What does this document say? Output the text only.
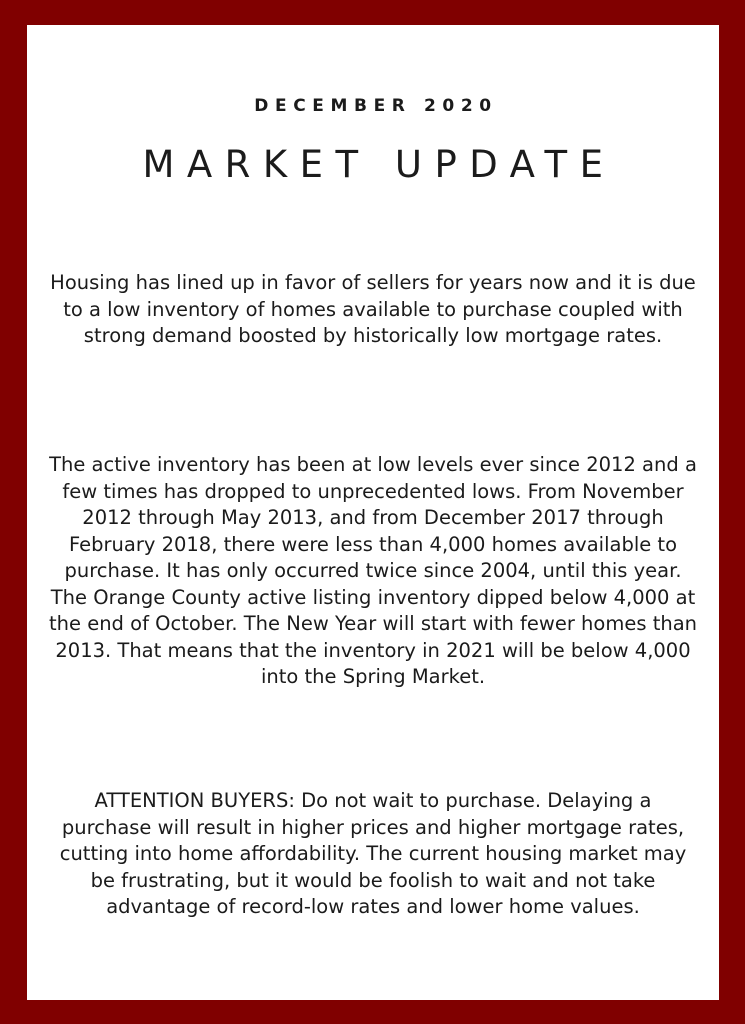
DECEMBER 2020
MARKET UPDATE

Housing has lined up in favor of sellers for years now and it is due to a low inventory of homes available to purchase coupled with strong demand boosted by historically low mortgage rates.

The active inventory has been at low levels ever since 2012 and a few times has dropped to unprecedented lows. From November 2012 through May 2013, and from December 2017 through February 2018, there were less than 4,000 homes available to purchase. It has only occurred twice since 2004, until this year. The Orange County active listing inventory dipped below 4,000 at the end of October. The New Year will start with fewer homes than 2013. That means that the inventory in 2021 will be below 4,000 into the Spring Market.

ATTENTION BUYERS: Do not wait to purchase. Delaying a purchase will result in higher prices and higher mortgage rates, cutting into home affordability. The current housing market may be frustrating, but it would be foolish to wait and not take advantage of record-low rates and lower home values.
